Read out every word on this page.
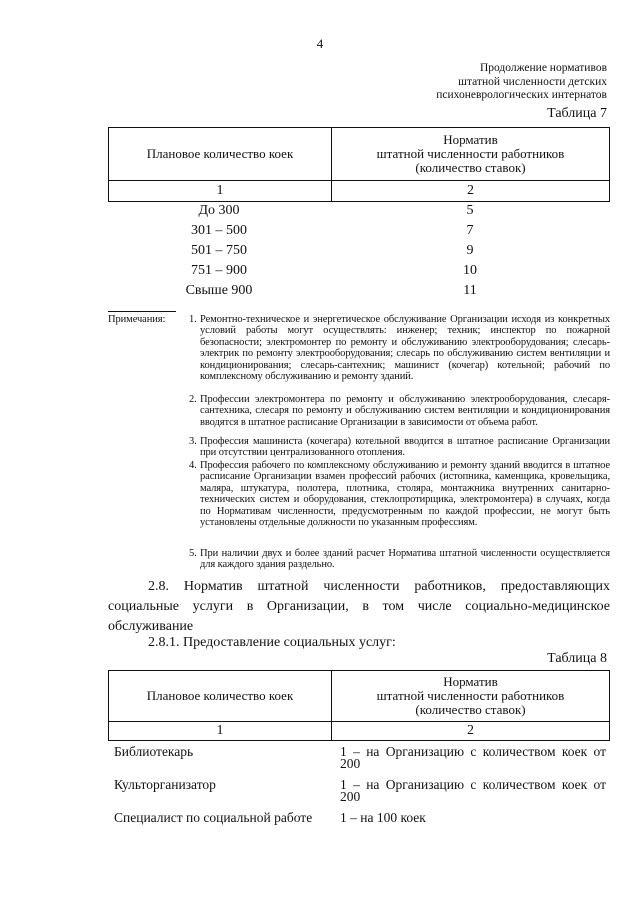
4
Продолжение нормативов
штатной численности детских
психоневрологических интернатов
Таблица 7
Плановое количество коек	Норматив
штатной численности работников
(количество ставок)

1	2
До 300	5
301 – 500	7
501 – 750	9
751 – 900	10
Свыше 900	11
Примечания: 1. Ремонтно-техническое и энергетическое обслуживание Организации исходя из конкретных условий работы могут осуществлять: инженер; техник; инспектор по пожарной безопасности; электромонтер по ремонту и обслуживанию электрооборудования; слесарь-электрик по ремонту электрооборудования; слесарь по обслуживанию систем вентиляции и кондиционирования; слесарь-сантехник; машинист (кочегар) котельной; рабочий по комплексному обслуживанию и ремонту зданий.
2. Профессии электромонтера по ремонту и обслуживанию электрооборудования, слесаря-сантехника, слесаря по ремонту и обслуживанию систем вентиляции и кондиционирования вводятся в штатное расписание Организации в зависимости от объема работ.
3. Профессия машиниста (кочегара) котельной вводится в штатное расписание Организации при отсутствии централизованного отопления.
4. Профессия рабочего по комплексному обслуживанию и ремонту зданий вводится в штатное расписание Организации взамен профессий рабочих (истопника, каменщика, кровельщика, маляра, штукатура, полотера, плотника, столяра, монтажника внутренних санитарно-технических систем и оборудования, стеклопротирщика, электромонтера) в случаях, когда по Нормативам численности, предусмотренным по каждой профессии, не могут быть установлены отдельные должности по указанным профессиям.
5. При наличии двух и более зданий расчет Норматива штатной численности осуществляется для каждого здания раздельно.
2.8. Норматив штатной численности работников, предоставляющих социальные услуги в Организации, в том числе социально-медицинское обслуживание
2.8.1. Предоставление социальных услуг:
Таблица 8
Плановое количество коек	Норматив
штатной численности работников
(количество ставок)

1	2
Библиотекарь	1 – на Организацию с количеством коек от 200
Культорганизатор	1 – на Организацию с количеством коек от 200
Специалист по социальной работе 1 – на 100 коек
